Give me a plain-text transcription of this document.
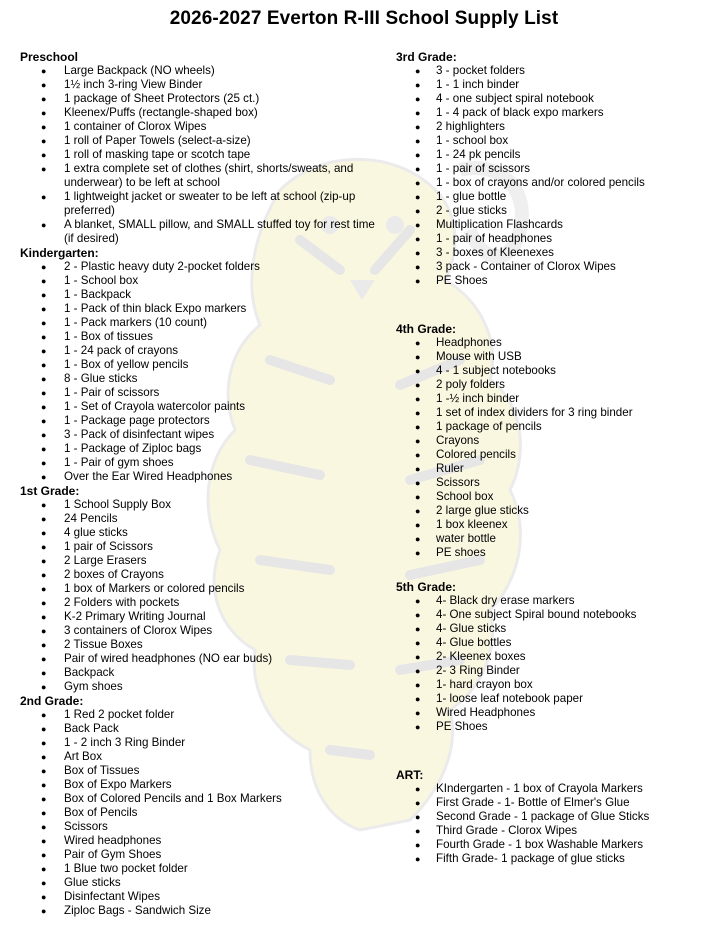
2026-2027 Everton R-III School Supply List

Preschool

● Large Backpack (NO wheels)
● 1½ inch 3-ring View Binder
● 1 package of Sheet Protectors (25 ct.)
● Kleenex/Puffs (rectangle-shaped box)
● 1 container of Clorox Wipes
● 1 roll of Paper Towels (select-a-size)
● 1 roll of masking tape or scotch tape
● 1 extra complete set of clothes (shirt, shorts/sweats, and underwear) to be left at school
● 1 lightweight jacket or sweater to be left at school (zip-up preferred)
● A blanket, SMALL pillow, and SMALL stuffed toy for rest time (if desired)

Kindergarten:

● 2 - Plastic heavy duty 2-pocket folders
● 1 - School box
● 1 - Backpack
● 1 - Pack of thin black Expo markers
● 1 - Pack markers (10 count)
● 1 - Box of tissues
● 1 - 24 pack of crayons
● 1 - Box of yellow pencils
● 8 - Glue sticks
● 1 - Pair of scissors
● 1 - Set of Crayola watercolor paints
● 1 - Package page protectors
● 3 - Pack of disinfectant wipes
● 1 - Package of Ziploc bags
● 1 - Pair of gym shoes
● Over the Ear Wired Headphones

1st Grade:

● 1 School Supply Box
● 24 Pencils
● 4 glue sticks
● 1 pair of Scissors
● 2 Large Erasers
● 2 boxes of Crayons
● 1 box of Markers or colored pencils
● 2 Folders with pockets
● K-2 Primary Writing Journal
● 3 containers of Clorox Wipes
● 2 Tissue Boxes
● Pair of wired headphones (NO ear buds)
● Backpack
● Gym shoes

2nd Grade:

● 1 Red 2 pocket folder
● Back Pack
● 1 - 2 inch 3 Ring Binder
● Art Box
● Box of Tissues
● Box of Expo Markers
● Box of Colored Pencils and 1 Box Markers
● Box of Pencils
● Scissors
● Wired headphones
● Pair of Gym Shoes
● 1 Blue two pocket folder
● Glue sticks
● Disinfectant Wipes
● Ziploc Bags - Sandwich Size

3rd Grade:

● 3 - pocket folders
● 1 - 1 inch binder
● 4 - one subject spiral notebook
● 1 - 4 pack of black expo markers
● 2 highlighters
● 1 - school box
● 1 - 24 pk pencils
● 1 - pair of scissors
● 1 - box of crayons and/or colored pencils
● 1 - glue bottle
● 2 - glue sticks
● Multiplication Flashcards
● 1 - pair of headphones
● 3 - boxes of Kleenexes
● 3 pack - Container of Clorox Wipes
● PE Shoes

4th Grade:

● Headphones
● Mouse with USB
● 4 - 1 subject notebooks
● 2 poly folders
● 1 -½ inch binder
● 1 set of index dividers for 3 ring binder
● 1 package of pencils
● Crayons
● Colored pencils
● Ruler
● Scissors
● School box
● 2 large glue sticks
● 1 box kleenex
● water bottle
● PE shoes

5th Grade:

● 4- Black dry erase markers
● 4- One subject Spiral bound notebooks
● 4- Glue sticks
● 4- Glue bottles
● 2- Kleenex boxes
● 2- 3 Ring Binder
● 1- hard crayon box
● 1- loose leaf notebook paper
● Wired Headphones
● PE Shoes

ART:

● KIndergarten - 1 box of Crayola Markers
● First Grade - 1- Bottle of Elmer's Glue
● Second Grade - 1 package of Glue Sticks
● Third Grade - Clorox Wipes
● Fourth Grade - 1 box Washable Markers
● Fifth Grade- 1 package of glue sticks
